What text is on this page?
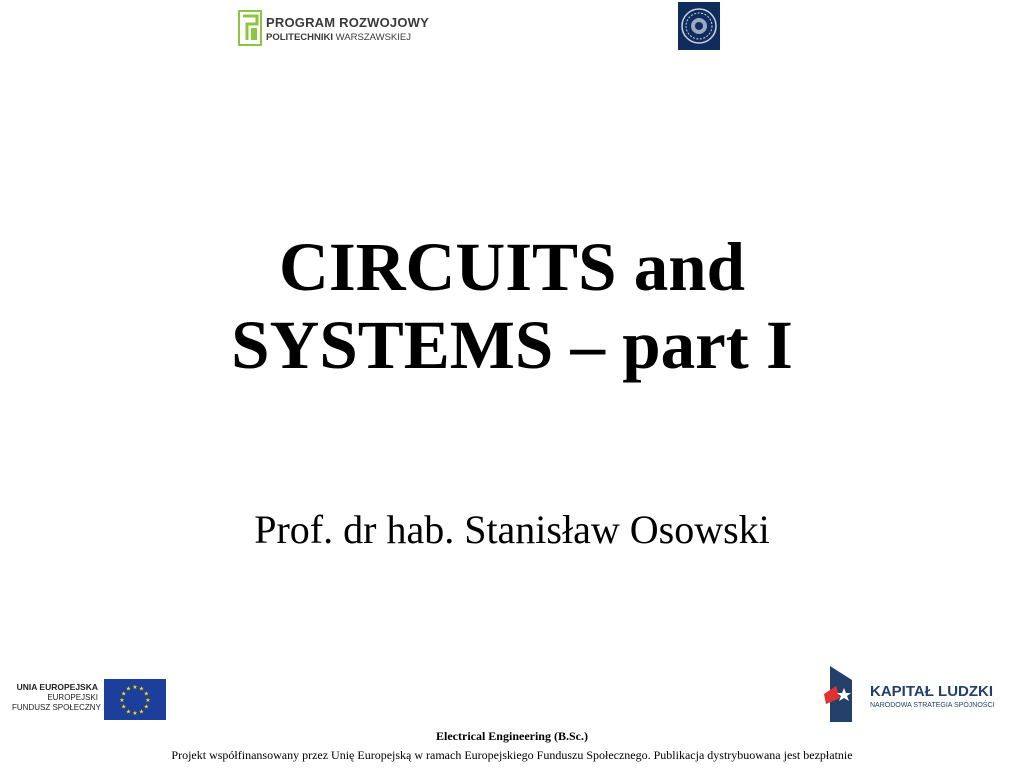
PROGRAM ROZWOJOWY
POLITECHNIKI WARSZAWSKIEJ
CIRCUITS and
SYSTEMS – part I
Prof. dr hab. Stanisław Osowski
UNIA EUROPEJSKA
EUROPEJSKI
FUNDUSZ SPOŁECZNY
★ ★
★
★
★
★
★
★
★
★
★
★	KAPITAŁ LUDZKI
NARODOWA STRATEGIA SPÓJNOŚCI
Electrical Engineering (B.Sc.)
Projekt współfinansowany przez Unię Europejską w ramach Europejskiego Funduszu Społecznego. Publikacja dystrybuowana jest bezpłatnie
